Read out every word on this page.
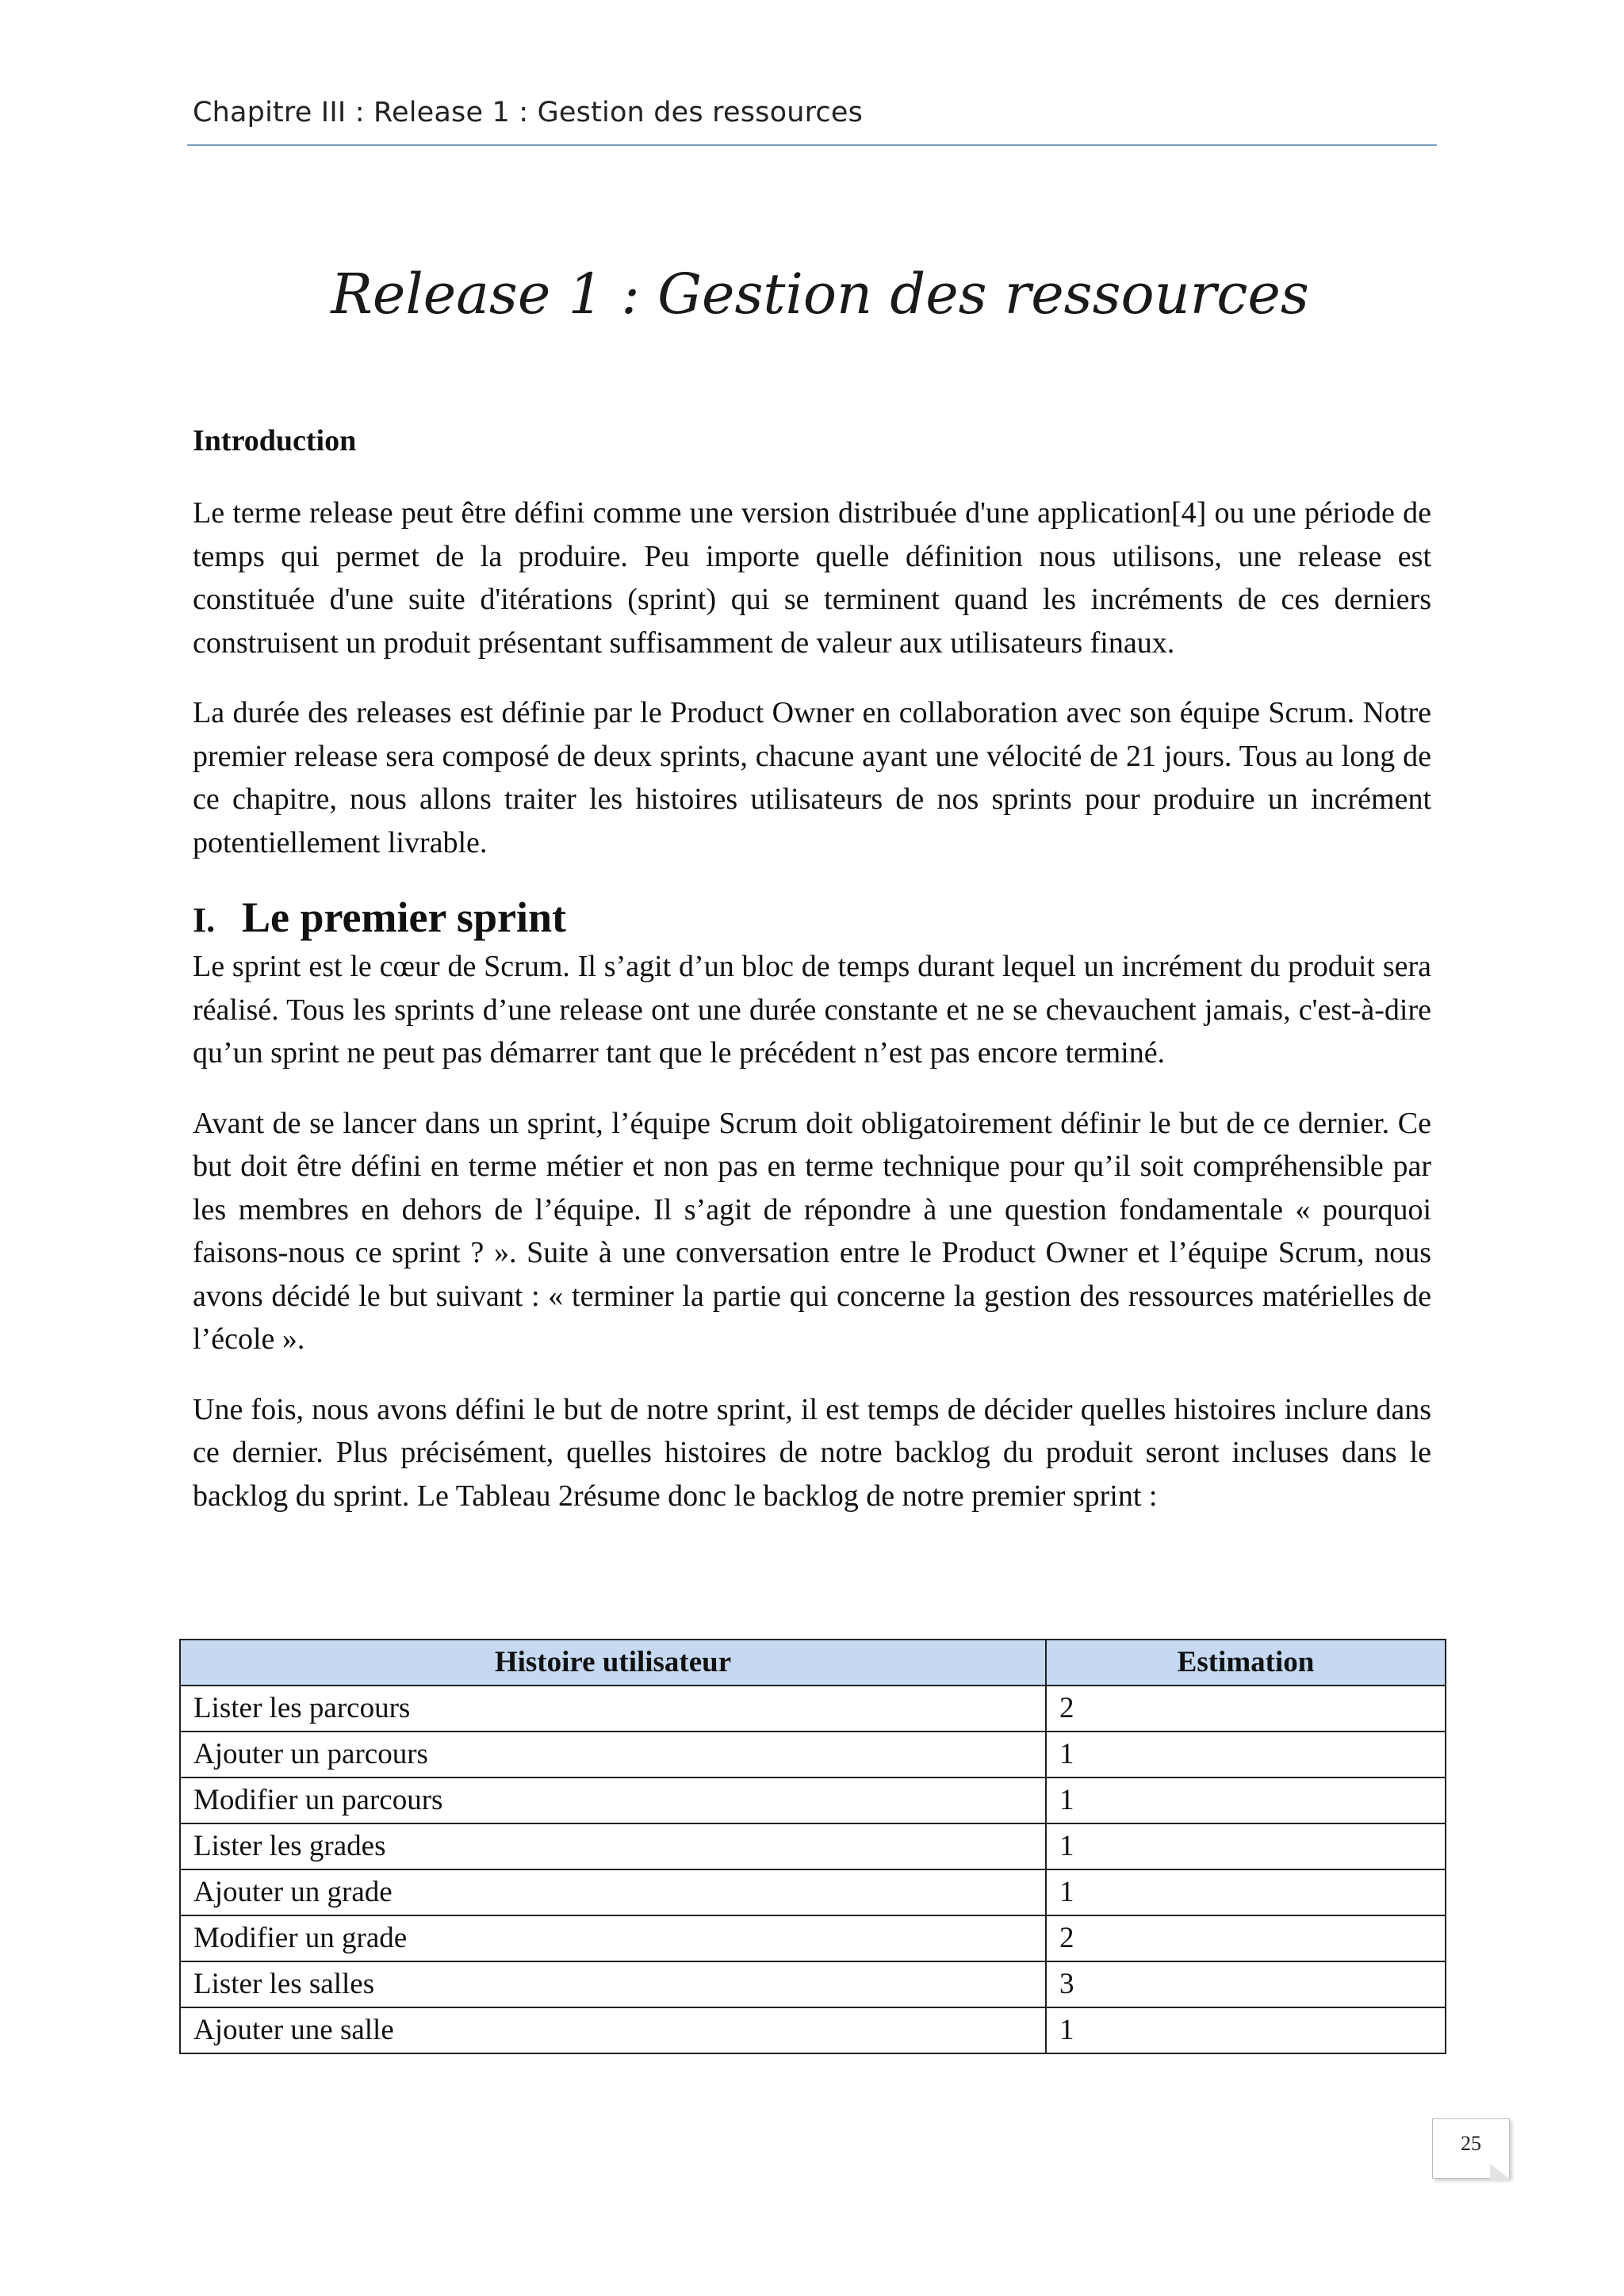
Chapitre III : Release 1 : Gestion des ressources
Release 1 : Gestion des ressources
Introduction

Le terme release peut être défini comme une version distribuée d'une application[4] ou une période de temps qui permet de la produire. Peu importe quelle définition nous utilisons, une release est constituée d'une suite d'itérations (sprint) qui se terminent quand les incréments de ces derniers construisent un produit présentant suffisamment de valeur aux utilisateurs finaux.

La durée des releases est définie par le Product Owner en collaboration avec son équipe Scrum. Notre premier release sera composé de deux sprints, chacune ayant une vélocité de 21 jours. Tous au long de ce chapitre, nous allons traiter les histoires utilisateurs de nos sprints pour produire un incrément potentiellement livrable.

I. Le premier sprint

Le sprint est le cœur de Scrum. Il s’agit d’un bloc de temps durant lequel un incrément du produit sera réalisé. Tous les sprints d’une release ont une durée constante et ne se chevauchent jamais, c'est-à-dire qu’un sprint ne peut pas démarrer tant que le précédent n’est pas encore terminé.

Avant de se lancer dans un sprint, l’équipe Scrum doit obligatoirement définir le but de ce dernier. Ce but doit être défini en terme métier et non pas en terme technique pour qu’il soit compréhensible par les membres en dehors de l’équipe. Il s’agit de répondre à une question fondamentale « pourquoi faisons-nous ce sprint ? ». Suite à une conversation entre le Product Owner et l’équipe Scrum, nous avons décidé le but suivant : « terminer la partie qui concerne la gestion des ressources matérielles de l’école ».

Une fois, nous avons défini le but de notre sprint, il est temps de décider quelles histoires inclure dans ce dernier. Plus précisément, quelles histoires de notre backlog du produit seront incluses dans le backlog du sprint. Le Tableau 2résume donc le backlog de notre premier sprint :

Histoire utilisateur	Estimation
Lister les parcours	2
Ajouter un parcours	1
Modifier un parcours	1
Lister les grades	1
Ajouter un grade	1
Modifier un grade	2
Lister les salles	3
Ajouter une salle	1
25
